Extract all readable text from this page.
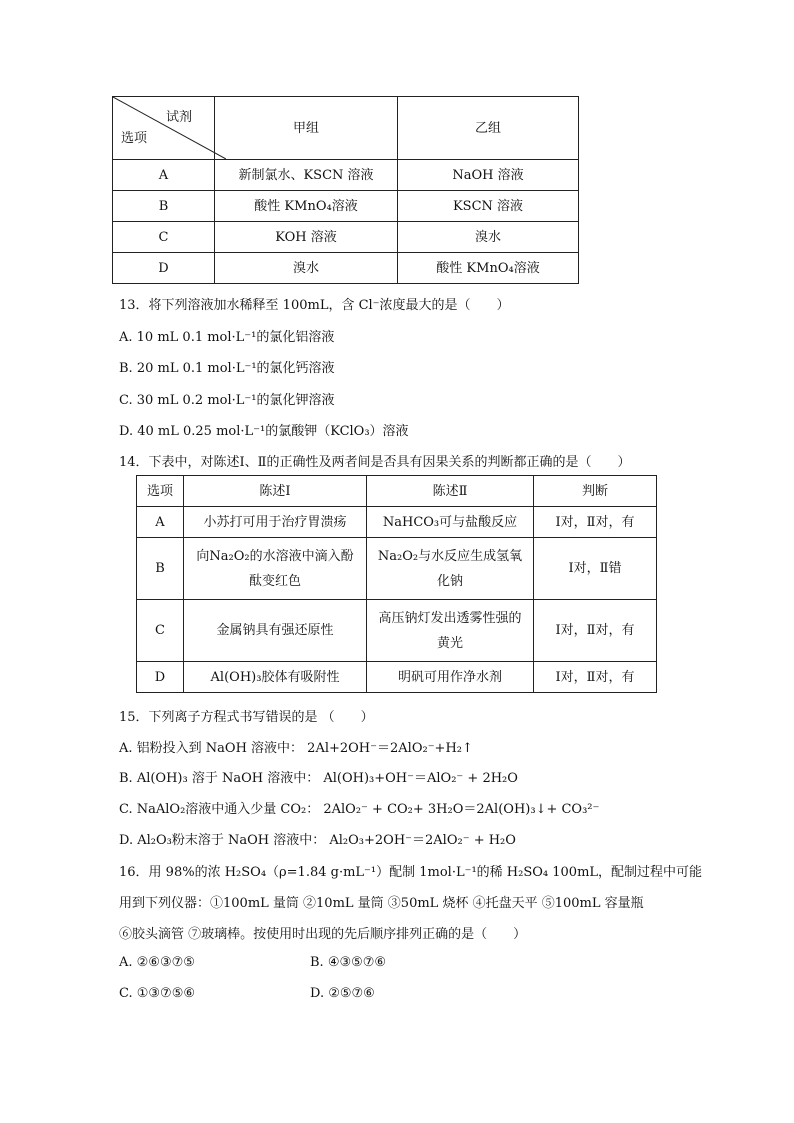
试剂
选项	甲组	乙组
A	新制氯水、KSCN 溶液	NaOH 溶液
B	酸性 KMnO₄溶液	KSCN 溶液
C	KOH 溶液	溴水
D	溴水	酸性 KMnO₄溶液
13．将下列溶液加水稀释至 100mL，含 Cl⁻浓度最大的是（　　）
A. 10 mL 0.1 mol·L⁻¹的氯化铝溶液
B. 20 mL 0.1 mol·L⁻¹的氯化钙溶液
C. 30 mL 0.2 mol·L⁻¹的氯化钾溶液
D. 40 mL 0.25 mol·L⁻¹的氯酸钾（KClO₃）溶液
14．下表中，对陈述Ⅰ、Ⅱ的正确性及两者间是否具有因果关系的判断都正确的是（　　）
选项	陈述Ⅰ	陈述Ⅱ	判断
A	小苏打可用于治疗胃溃疡	NaHCO₃可与盐酸反应	Ⅰ对，Ⅱ对，有
B	向Na₂O₂的水溶液中滴入酚酞变红色	Na₂O₂与水反应生成氢氧化钠	Ⅰ对，Ⅱ错
C	金属钠具有强还原性	高压钠灯发出透雾性强的黄光	Ⅰ对，Ⅱ对，有
D	Al(OH)₃胶体有吸附性	明矾可用作净水剂	Ⅰ对，Ⅱ对，有
15．下列离子方程式书写错误的是 （　　）
A. 铝粉投入到 NaOH 溶液中： 2Al+2OH⁻＝2AlO₂⁻+H₂↑
B. Al(OH)₃ 溶于 NaOH 溶液中： Al(OH)₃+OH⁻＝AlO₂⁻ + 2H₂O
C. NaAlO₂溶液中通入少量 CO₂： 2AlO₂⁻ + CO₂+ 3H₂O＝2Al(OH)₃↓+ CO₃²⁻
D. Al₂O₃粉末溶于 NaOH 溶液中： Al₂O₃+2OH⁻＝2AlO₂⁻ + H₂O
16．用 98%的浓 H₂SO₄（ρ=1.84 g·mL⁻¹）配制 1mol·L⁻¹的稀 H₂SO₄ 100mL，配制过程中可能
用到下列仪器：①100mL 量筒 ②10mL 量筒 ③50mL 烧杯 ④托盘天平 ⑤100mL 容量瓶
⑥胶头滴管 ⑦玻璃棒。按使用时出现的先后顺序排列正确的是（　　）
A. ②⑥③⑦⑤	B. ④③⑤⑦⑥
C. ①③⑦⑤⑥	D. ②⑤⑦⑥
